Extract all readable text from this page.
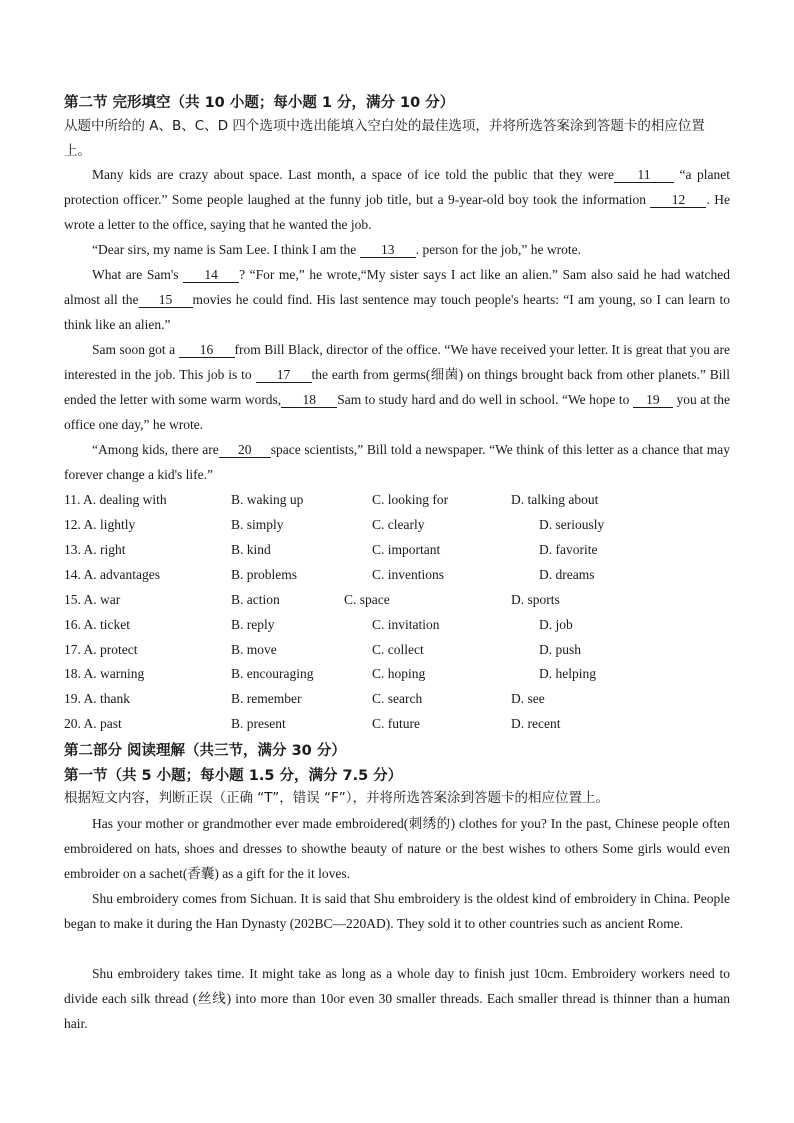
第二节 完形填空（共 10 小题；每小题 1 分，满分 10 分）
从题中所给的 A、B、C、D 四个选项中选出能填入空白处的最佳选项，并将所选答案涂到答题卡的相应位置上。
Many kids are crazy about space. Last month, a space of ice told the public that they were 11 “a planet protection officer.” Some people laughed at the funny job title, but a 9-year-old boy took the information 12 . He wrote a letter to the office, saying that he wanted the job.
“Dear sirs, my name is Sam Lee. I think I am the 13 . person for the job,” he wrote.
What are Sam's 14 ? “For me,” he wrote,“My sister says I act like an alien.” Sam also said he had watched almost all the 15 movies he could find. His last sentence may touch people's hearts: “I am young, so I can learn to think like an alien.”
Sam soon got a 16 from Bill Black, director of the office. “We have received your letter. It is great that you are interested in the job. This job is to 17 the earth from germs(细菌) on things brought back from other planets.” Bill ended the letter with some warm words, 18 Sam to study hard and do well in school. “We hope to 19 you at the office one day,” he wrote.
“Among kids, there are 20 space scientists,” Bill told a newspaper. “We think of this letter as a chance that may forever change a kid's life.”
11. A. dealing with	B. waking up	C. looking for	D. talking about
12. A. lightly	B. simply	C. clearly	D. seriously
13. A. right	B. kind	C. important	D. favorite
14. A. advantages	B. problems	C. inventions	D. dreams
15. A. war	B. action	C. space	D. sports
16. A. ticket	B. reply	C. invitation	D. job
17. A. protect	B. move	C. collect	D. push
18. A. warning	B. encouraging	C. hoping	D. helping
19. A. thank	B. remember	C. search	D. see
20. A. past	B. present	C. future	D. recent
第二部分 阅读理解（共三节，满分 30 分）
第一节（共 5 小题；每小题 1.5 分，满分 7.5 分）
根据短文内容，判断正误（正确 “T”，错误 “F”），并将所选答案涂到答题卡的相应位置上。
Has your mother or grandmother ever made embroidered(刺绣的) clothes for you? In the past, Chinese people often embroidered on hats, shoes and dresses to showthe beauty of nature or the best wishes to others Some girls would even embroider on a sachet(香囊) as a gift for the it loves.
Shu embroidery comes from Sichuan. It is said that Shu embroidery is the oldest kind of embroidery in China. People began to make it during the Han Dynasty (202BC—220AD). They sold it to other countries such as ancient Rome.
Shu embroidery takes time. It might take as long as a whole day to finish just 10cm. Embroidery workers need to divide each silk thread (丝线) into more than 10or even 30 smaller threads. Each smaller thread is thinner than a human hair.
